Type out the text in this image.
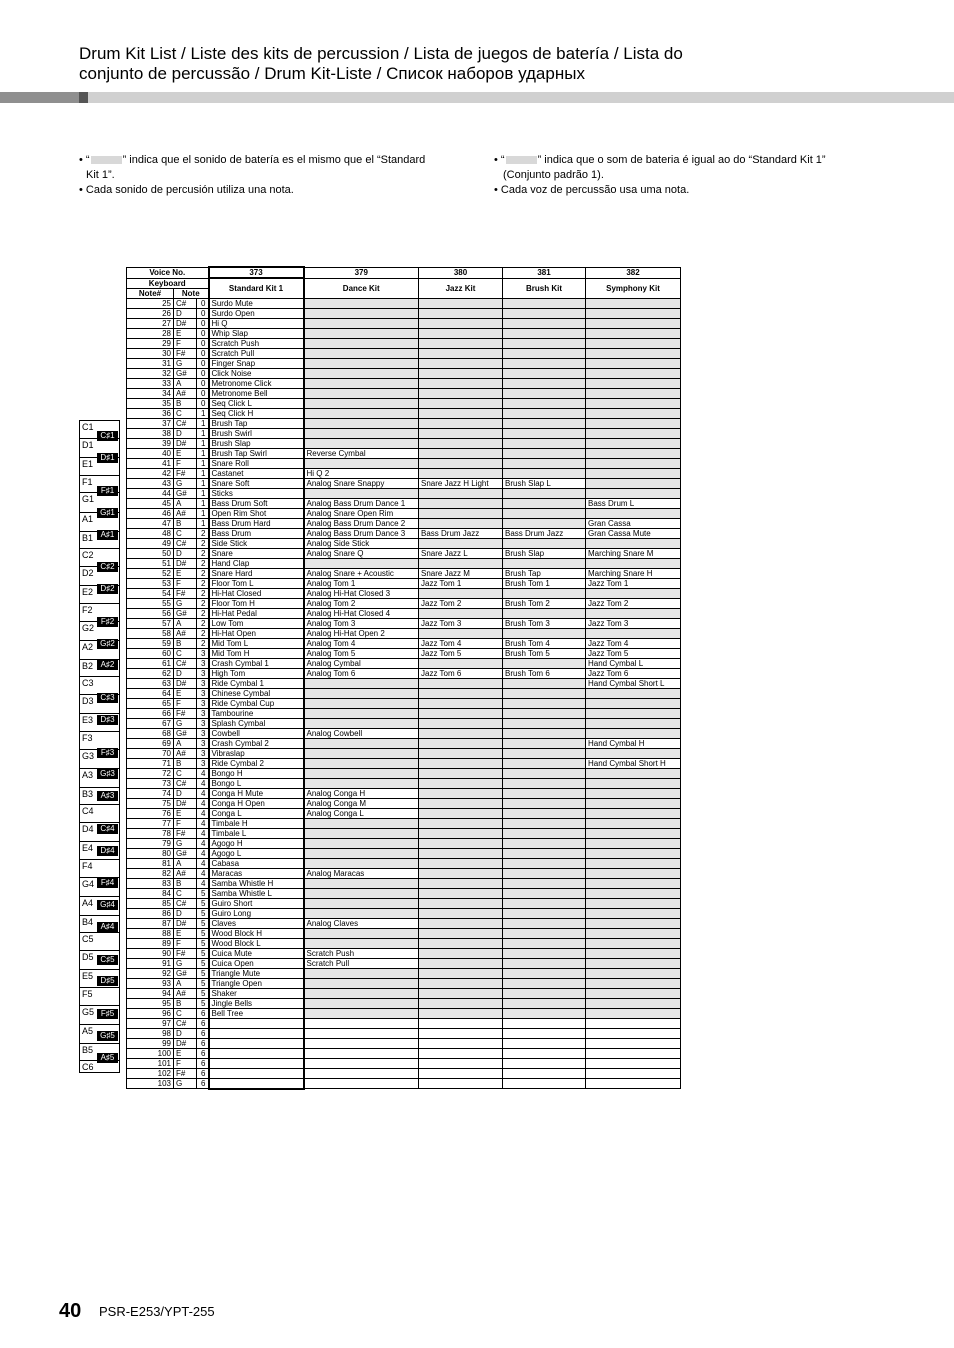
Drum Kit List / Liste des kits de percussion / Lista de juegos de batería / Lista do
conjunto de percussão / Drum Kit-Liste / Список наборов ударных

• “	” indica que el sonido de batería es el mismo que el “Standard

Kit 1”.

• Cada sonido de percusión utiliza una nota.

• “	” indica que o som de bateria é igual ao do “Standard Kit 1”

(Conjunto padrão 1).

• Cada voz de percussão usa uma nota.

C1
D1
E1
F1
G1
A1
B1
C2
D2
E2
F2
G2
A2
B2
C3
D3
E3
F3
G3
A3
B3
C4
D4
E4
F4
G4
A4
B4
C5
D5
E5
F5
G5
A5
B5
C6
C♯1
D♯1
F♯1
G♯1
A♯1
C♯2
D♯2
F♯2
G♯2
A♯2
C♯3
D♯3
F♯3
G♯3
A♯3
C♯4
D♯4
F♯4
G♯4
A♯4
C♯5
D♯5
F♯5
G♯5
A♯5
Voice No.			373	379	380	381	382
Keyboard			Standard Kit 1	Dance Kit	Jazz Kit	Brush Kit	Symphony Kit
Note#	Note						
25	C#	0	Surdo Mute				
26	D	0	Surdo Open				
27	D#	0	Hi Q				
28	E	0	Whip Slap				
29	F	0	Scratch Push				
30	F#	0	Scratch Pull				
31	G	0	Finger Snap				
32	G#	0	Click Noise				
33	A	0	Metronome Click				
34	A#	0	Metronome Bell				
35	B	0	Seq Click L				
36	C	1	Seq Click H				
37	C#	1	Brush Tap				
38	D	1	Brush Swirl				
39	D#	1	Brush Slap				
40	E	1	Brush Tap Swirl	Reverse Cymbal			
41	F	1	Snare Roll				
42	F#	1	Castanet	Hi Q 2			
43	G	1	Snare Soft	Analog Snare Snappy	Snare Jazz H Light	Brush Slap L	
44	G#	1	Sticks				
45	A	1	Bass Drum Soft	Analog Bass Drum Dance 1			Bass Drum L
46	A#	1	Open Rim Shot	Analog Snare Open Rim			
47	B	1	Bass Drum Hard	Analog Bass Drum Dance 2			Gran Cassa
48	C	2	Bass Drum	Analog Bass Drum Dance 3	Bass Drum Jazz	Bass Drum Jazz	Gran Cassa Mute
49	C#	2	Side Stick	Analog Side Stick			
50	D	2	Snare	Analog Snare Q	Snare Jazz L	Brush Slap	Marching Snare M
51	D#	2	Hand Clap				
52	E	2	Snare Hard	Analog Snare + Acoustic	Snare Jazz M	Brush Tap	Marching Snare H
53	F	2	Floor Tom L	Analog Tom 1	Jazz Tom 1	Brush Tom 1	Jazz Tom 1
54	F#	2	Hi-Hat Closed	Analog Hi-Hat Closed 3			
55	G	2	Floor Tom H	Analog Tom 2	Jazz Tom 2	Brush Tom 2	Jazz Tom 2
56	G#	2	Hi-Hat Pedal	Analog Hi-Hat Closed 4			
57	A	2	Low Tom	Analog Tom 3	Jazz Tom 3	Brush Tom 3	Jazz Tom 3
58	A#	2	Hi-Hat Open	Analog Hi-Hat Open 2			
59	B	2	Mid Tom L	Analog Tom 4	Jazz Tom 4	Brush Tom 4	Jazz Tom 4
60	C	3	Mid Tom H	Analog Tom 5	Jazz Tom 5	Brush Tom 5	Jazz Tom 5
61	C#	3	Crash Cymbal 1	Analog Cymbal			Hand Cymbal L
62	D	3	High Tom	Analog Tom 6	Jazz Tom 6	Brush Tom 6	Jazz Tom 6
63	D#	3	Ride Cymbal 1				Hand Cymbal Short L
64	E	3	Chinese Cymbal				
65	F	3	Ride Cymbal Cup				
66	F#	3	Tambourine				
67	G	3	Splash Cymbal				
68	G#	3	Cowbell	Analog Cowbell			
69	A	3	Crash Cymbal 2				Hand Cymbal H
70	A#	3	Vibraslap				
71	B	3	Ride Cymbal 2				Hand Cymbal Short H
72	C	4	Bongo H				
73	C#	4	Bongo L				
74	D	4	Conga H Mute	Analog Conga H			
75	D#	4	Conga H Open	Analog Conga M			
76	E	4	Conga L	Analog Conga L			
77	F	4	Timbale H				
78	F#	4	Timbale L				
79	G	4	Agogo H				
80	G#	4	Agogo L				
81	A	4	Cabasa				
82	A#	4	Maracas	Analog Maracas			
83	B	4	Samba Whistle H				
84	C	5	Samba Whistle L				
85	C#	5	Guiro Short				
86	D	5	Guiro Long				
87	D#	5	Claves	Analog Claves			
88	E	5	Wood Block H				
89	F	5	Wood Block L				
90	F#	5	Cuica Mute	Scratch Push			
91	G	5	Cuica Open	Scratch Pull			
92	G#	5	Triangle Mute				
93	A	5	Triangle Open				
94	A#	5	Shaker				
95	B	5	Jingle Bells				
96	C	6	Bell Tree				
97	C#	6					
98	D	6					
99	D#	6					
100	E	6					
101	F	6					
102	F#	6					
103	G	6					
40 PSR-E253/YPT-255
